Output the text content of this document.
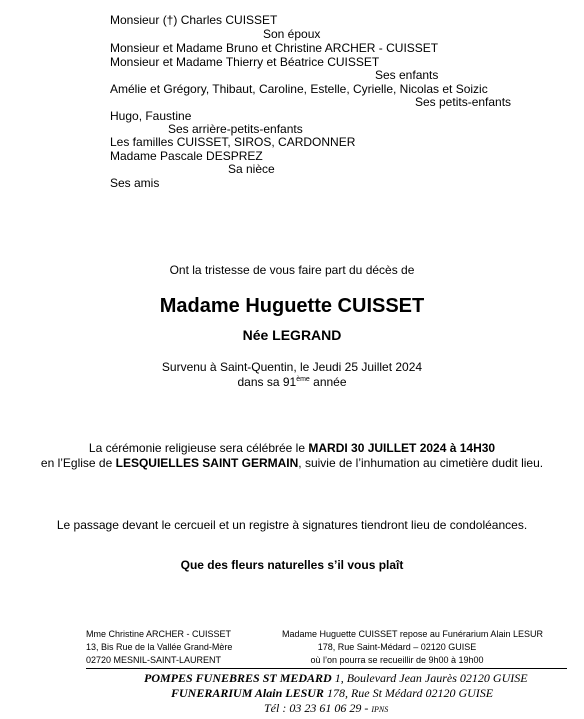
Monsieur (†) Charles CUISSET
Son époux
Monsieur et Madame Bruno et Christine ARCHER - CUISSET
Monsieur et Madame Thierry et Béatrice CUISSET
Ses enfants
Amélie et Grégory, Thibaut, Caroline, Estelle, Cyrielle, Nicolas et Soizic
Ses petits-enfants
Hugo, Faustine
Ses arrière-petits-enfants
Les familles CUISSET, SIROS, CARDONNER
Madame Pascale DESPREZ
Sa nièce
Ses amis
Ont la tristesse de vous faire part du décès de
Madame Huguette CUISSET
Née LEGRAND
Survenu à Saint-Quentin, le Jeudi 25 Juillet 2024
dans sa 91ème année
La cérémonie religieuse sera célébrée le MARDI 30 JUILLET 2024 à 14H30
en l’Eglise de LESQUIELLES SAINT GERMAIN, suivie de l’inhumation au cimetière dudit lieu.
Le passage devant le cercueil et un registre à signatures tiendront lieu de condoléances.
Que des fleurs naturelles s’il vous plaît
Mme Christine ARCHER - CUISSET
13, Bis Rue de la Vallée Grand-Mère
02720 MESNIL-SAINT-LAURENT
Madame Huguette CUISSET repose au Funérarium Alain LESUR
178, Rue Saint-Médard – 02120 GUISE
où l’on pourra se recueillir de 9h00 à 19h00
POMPES FUNEBRES ST MEDARD 1, Boulevard Jean Jaurès 02120 GUISE
FUNERARIUM Alain LESUR 178, Rue St Médard 02120 GUISE
Tél : 03 23 61 06 29 - IPNS
